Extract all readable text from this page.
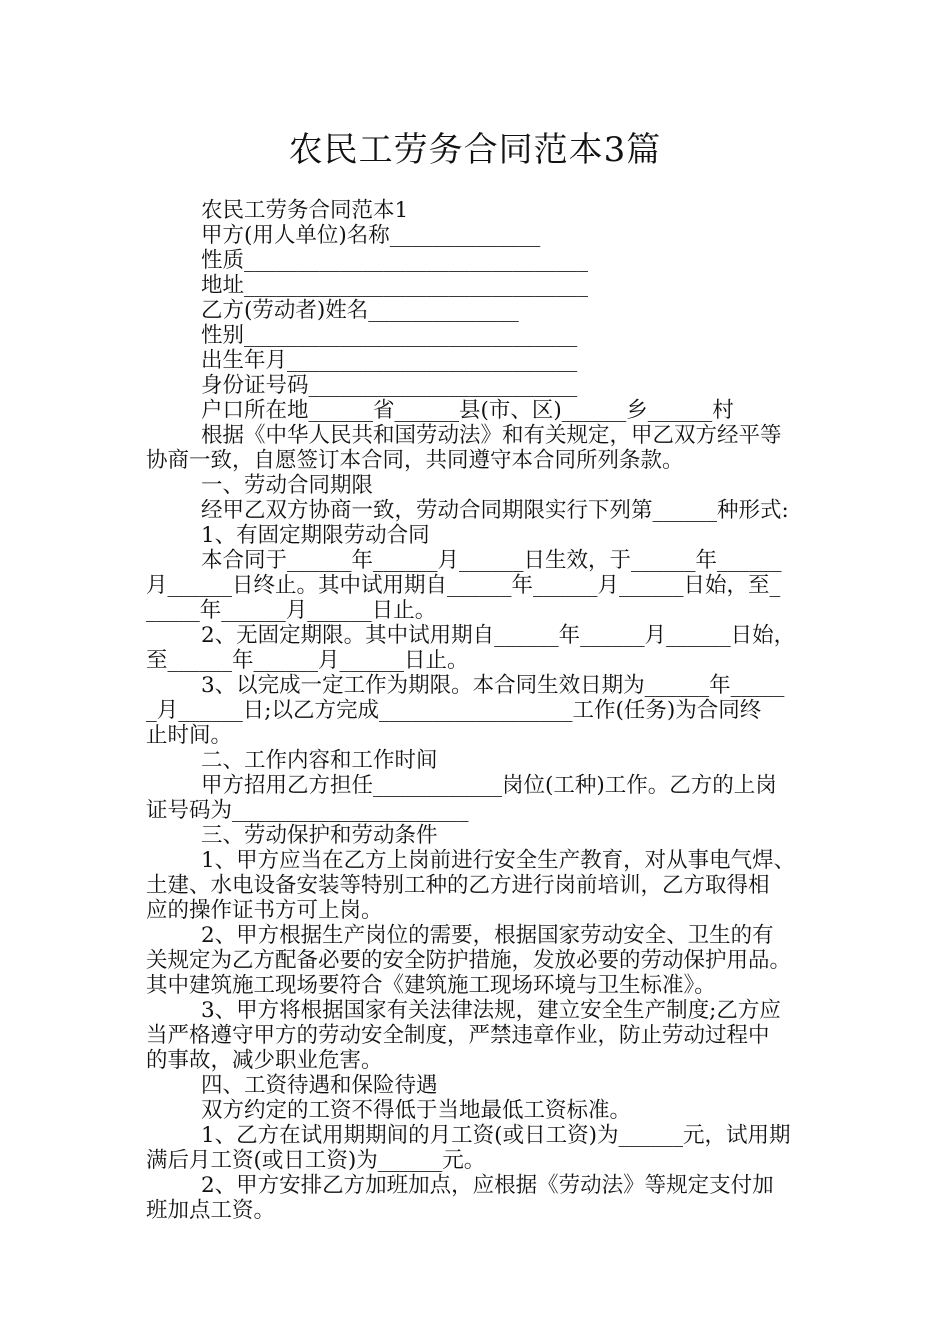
农民工劳务合同范本3篇
农民工劳务合同范本1
甲方(用人单位)名称______________
性质________________________________
地址________________________________
乙方(劳动者)姓名______________
性别_______________________________
出生年月___________________________
身份证号码_________________________
户口所在地______省______县(市、区)______乡______村
根据《中华人民共和国劳动法》和有关规定，甲乙双方经平等
协商一致，自愿签订本合同，共同遵守本合同所列条款。
一、劳动合同期限
经甲乙双方协商一致，劳动合同期限实行下列第______种形式:
1、有固定期限劳动合同
本合同于______年______月______日生效，于______年______
月______日终止。其中试用期自______年______月______日始，至_
_____年______月______日止。
2、无固定期限。其中试用期自______年______月______日始，
至______年______月______日止。
3、以完成一定工作为期限。本合同生效日期为______年_____
_月______日;以乙方完成__________________工作(任务)为合同终
止时间。
二、工作内容和工作时间
甲方招用乙方担任____________岗位(工种)工作。乙方的上岗
证号码为______________________
三、劳动保护和劳动条件
1、甲方应当在乙方上岗前进行安全生产教育，对从事电气焊、
土建、水电设备安装等特别工种的乙方进行岗前培训，乙方取得相
应的操作证书方可上岗。
2、甲方根据生产岗位的需要，根据国家劳动安全、卫生的有
关规定为乙方配备必要的安全防护措施，发放必要的劳动保护用品。
其中建筑施工现场要符合《建筑施工现场环境与卫生标准》。
3、甲方将根据国家有关法律法规，建立安全生产制度;乙方应
当严格遵守甲方的劳动安全制度，严禁违章作业，防止劳动过程中
的事故，减少职业危害。
四、工资待遇和保险待遇
双方约定的工资不得低于当地最低工资标准。
1、乙方在试用期期间的月工资(或日工资)为______元，试用期
满后月工资(或日工资)为______元。
2、甲方安排乙方加班加点，应根据《劳动法》等规定支付加
班加点工资。
